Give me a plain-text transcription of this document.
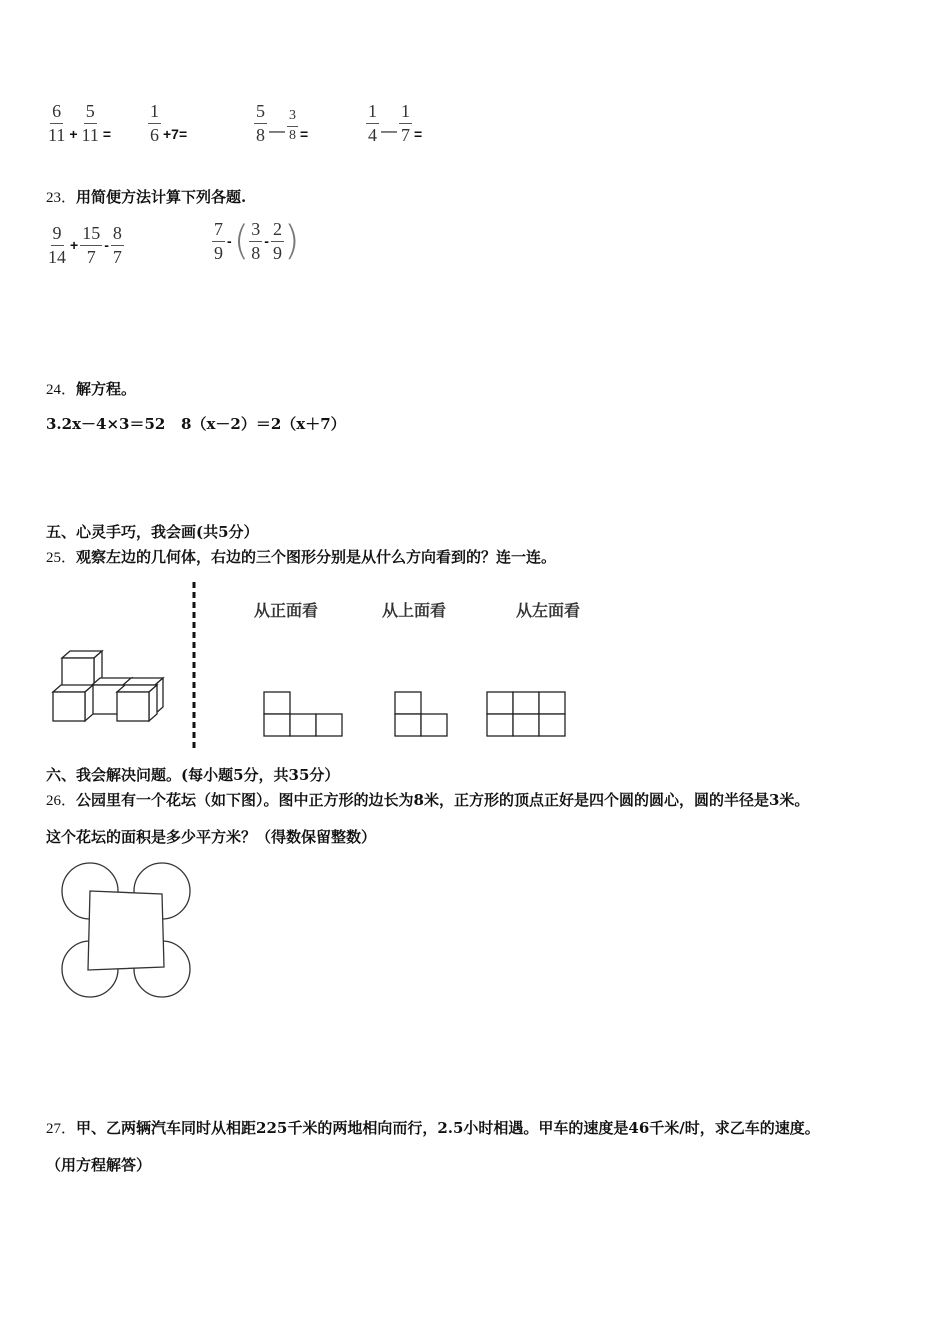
$\frac{6}{11} + \frac{5}{11} = \frac{1}{6} +7=$	$\frac{5}{8}$ — $\frac{3}{8}$ =	$\frac{1}{4}$ — $\frac{1}{7}$ =
23．用简便方法计算下列各题.
$\frac{9}{14} + \frac{15}{7} - \frac{8}{7}$	$\frac{7}{9}$ - ( $\frac{3}{8} - \frac{2}{9}$ )
24．解方程。
3.2x－4×3＝52   8（x－2）＝2（x＋7）
五、心灵手巧，我会画(共5分）
25．观察左边的几何体，右边的三个图形分别是从什么方向看到的？连一连。
从正面看	从上面看	从左面看
六、我会解决问题。(每小题5分，共35分）
26．公园里有一个花坛（如下图）。图中正方形的边长为8米，正方形的顶点正好是四个圆的圆心，圆的半径是3米。
这个花坛的面积是多少平方米？（得数保留整数）
27．甲、乙两辆汽车同时从相距225千米的两地相向而行，2.5小时相遇。甲车的速度是46千米/时，求乙车的速度。
（用方程解答）
